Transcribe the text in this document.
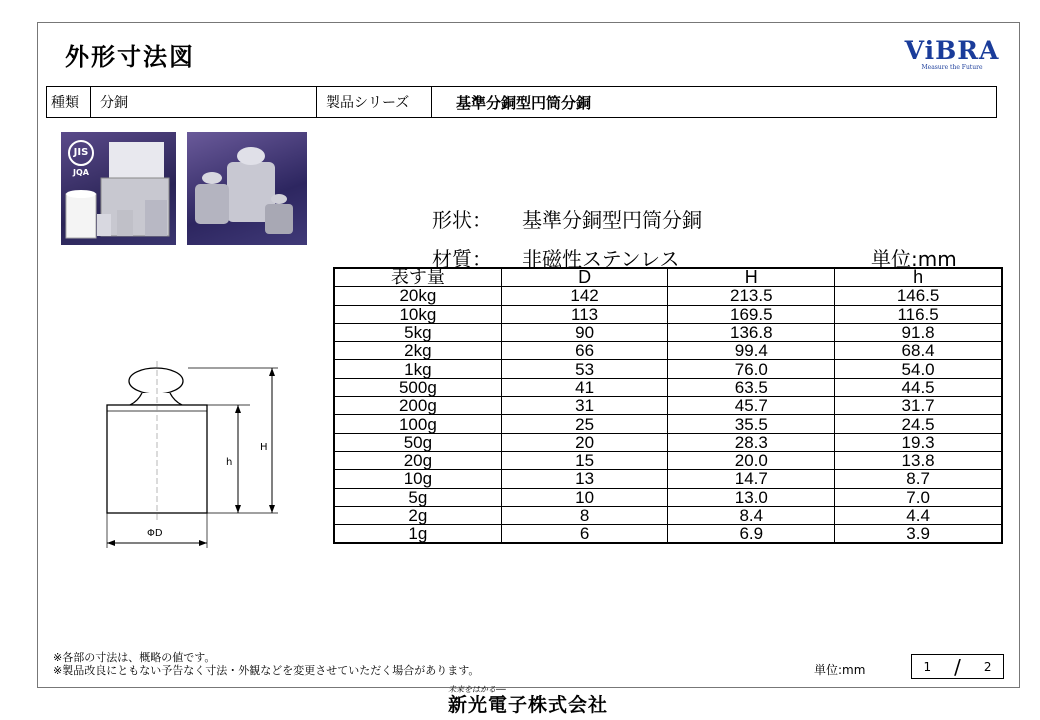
外形寸法図	ViBRA
Measure the Future
種類	分銅	製品シリーズ	基準分銅型円筒分銅
JIS
JQA
形状： 基準分銅型円筒分銅
材質： 非磁性ステンレス	単位:mm
表す量	D	H	h
20kg	142	213.5	146.5
10kg	113	169.5	116.5
5kg	90	136.8	91.8
2kg	66	99.4	68.4
1kg	53	76.0	54.0
500g	41	63.5	44.5
200g	31	45.7	31.7
100g	25	35.5	24.5
50g	20	28.3	19.3
20g	15	20.0	13.8
10g	13	14.7	8.7
5g	10	13.0	7.0
2g	8	8.4	4.4
1g	6	6.9	3.9
H
h
ΦD
※各部の寸法は、概略の値です。
※製品改良にともない予告なく寸法・外観などを変更させていただく場合があります。	単位:mm	1 / 2
未来をはかる──
新光電子株式会社
